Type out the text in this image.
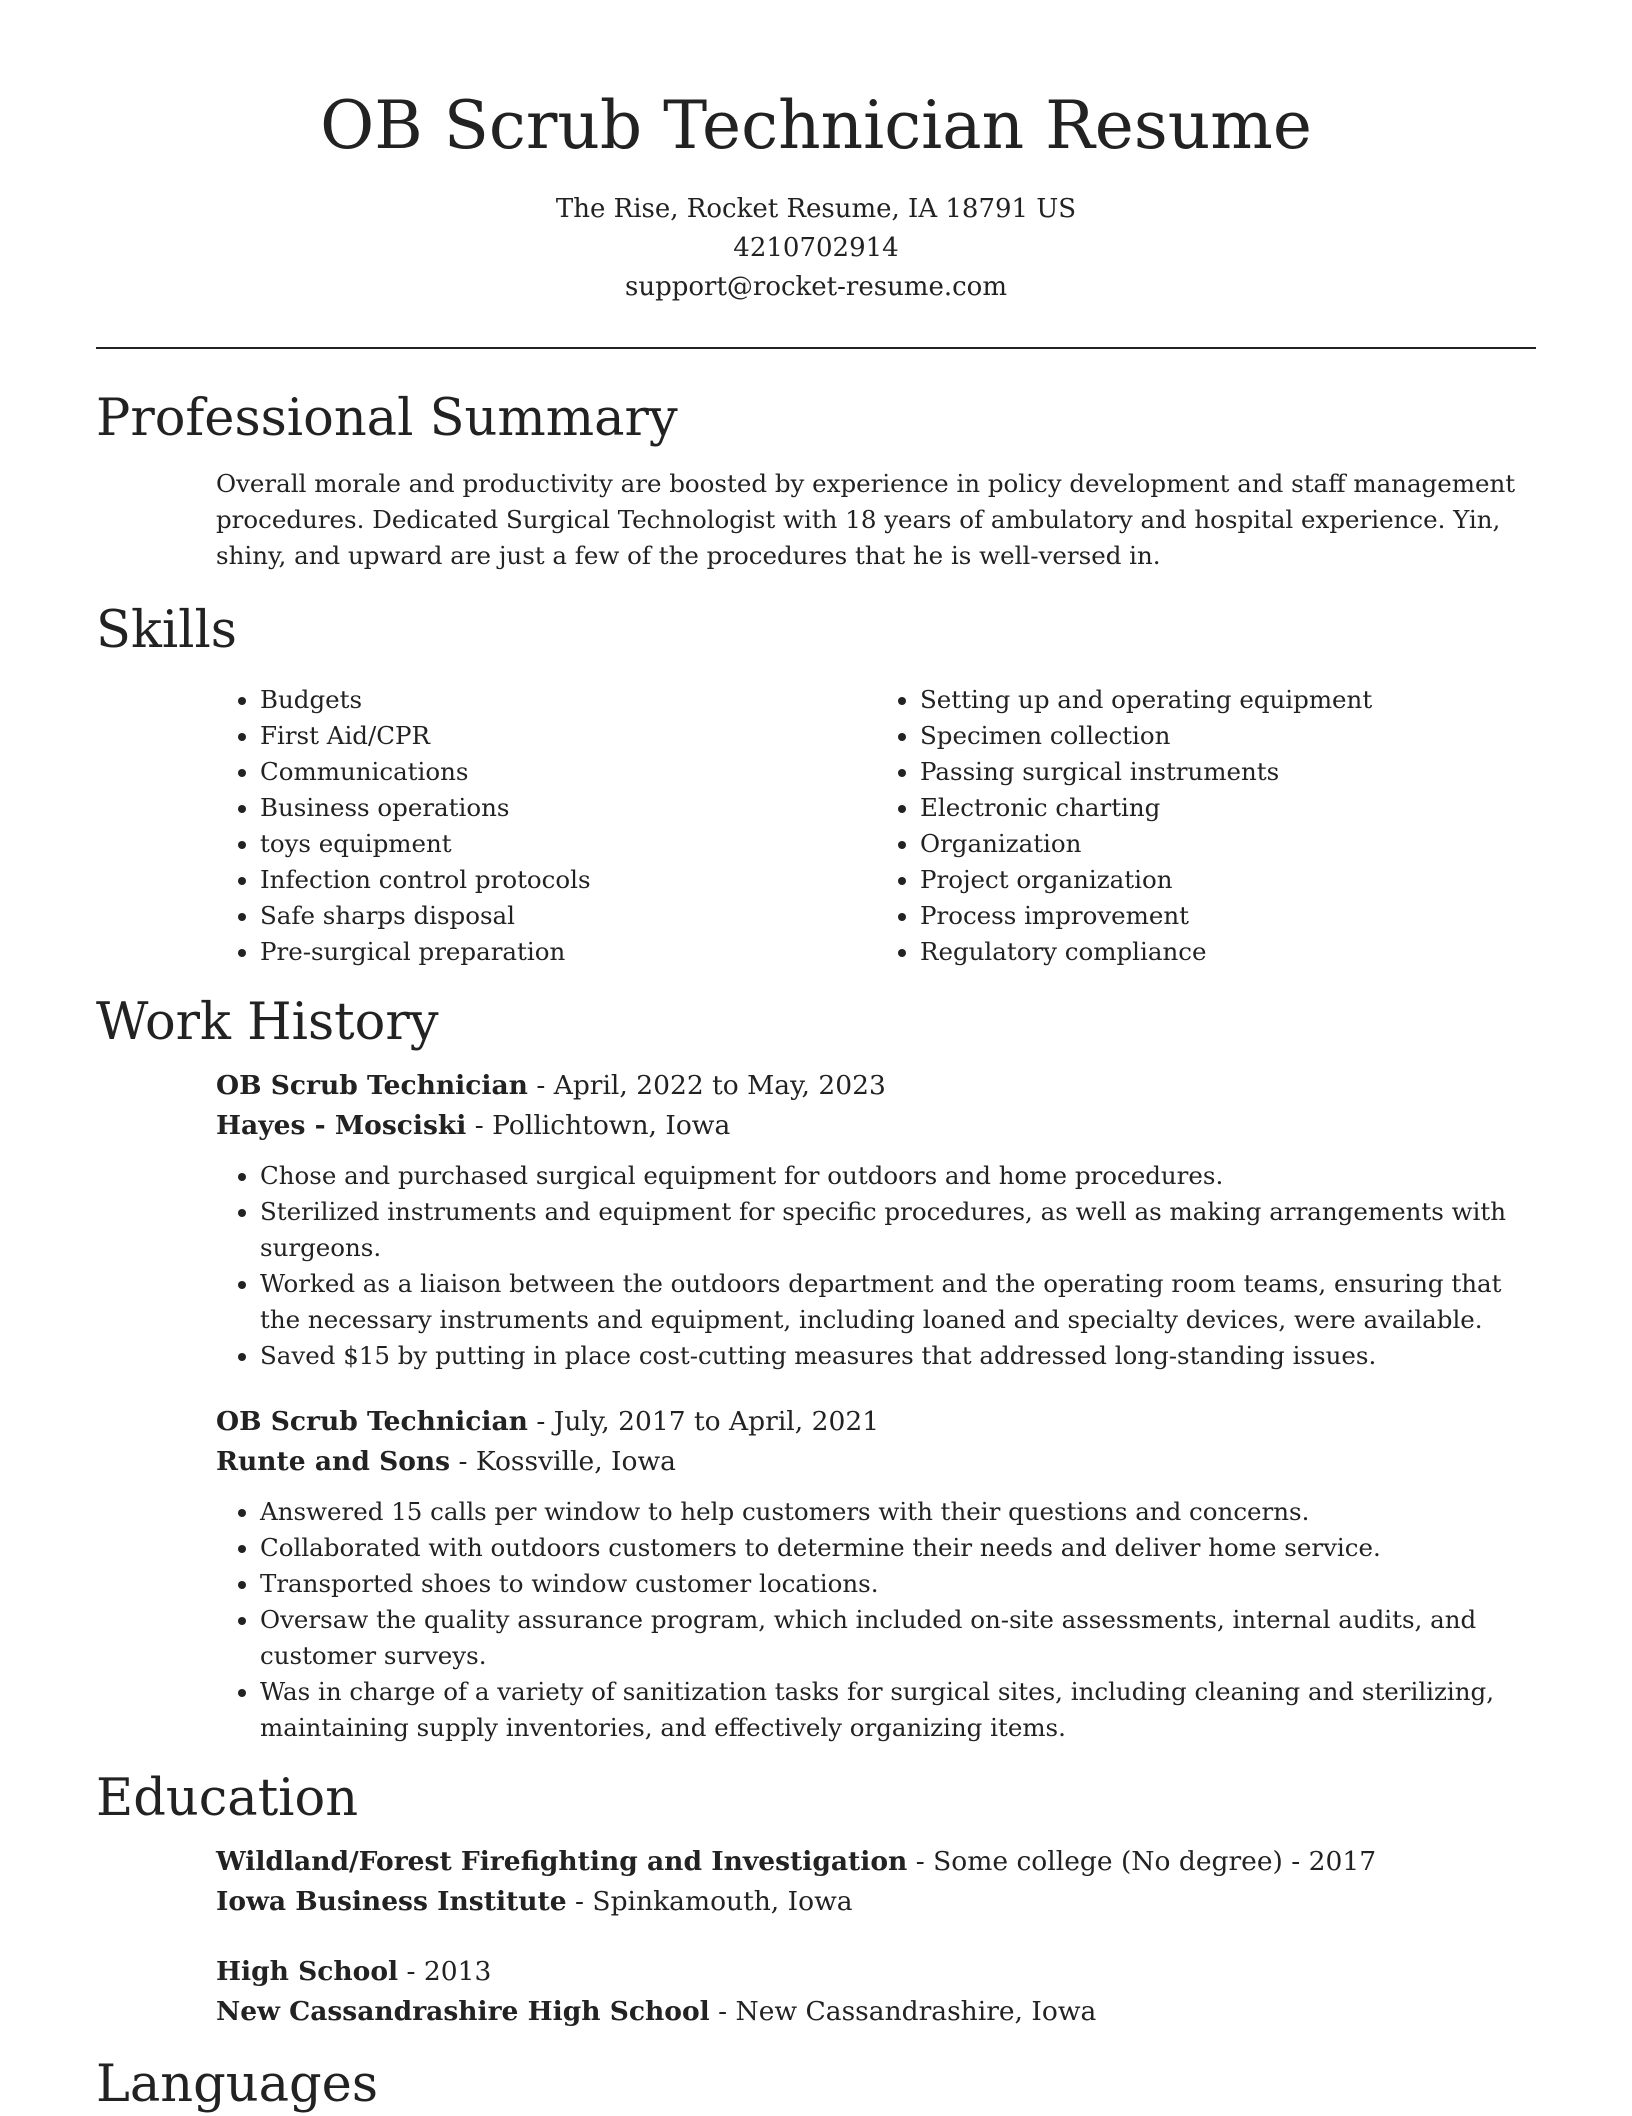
OB Scrub Technician Resume
The Rise, Rocket Resume, IA 18791 US
4210702914
support@rocket-resume.com
Professional Summary
Overall morale and productivity are boosted by experience in policy development and staff management procedures. Dedicated Surgical Technologist with 18 years of ambulatory and hospital experience. Yin, shiny, and upward are just a few of the procedures that he is well-versed in.
Skills
• Budgets
• First Aid/CPR
• Communications
• Business operations
• toys equipment
• Infection control protocols
• Safe sharps disposal
• Pre-surgical preparation
• Setting up and operating equipment
• Specimen collection
• Passing surgical instruments
• Electronic charting
• Organization
• Project organization
• Process improvement
• Regulatory compliance
Work History
OB Scrub Technician - April, 2022 to May, 2023
Hayes - Mosciski - Pollichtown, Iowa
• Chose and purchased surgical equipment for outdoors and home procedures.
• Sterilized instruments and equipment for specific procedures, as well as making arrangements with surgeons.
• Worked as a liaison between the outdoors department and the operating room teams, ensuring that the necessary instruments and equipment, including loaned and specialty devices, were available.
• Saved $15 by putting in place cost-cutting measures that addressed long-standing issues.
OB Scrub Technician - July, 2017 to April, 2021
Runte and Sons - Kossville, Iowa
• Answered 15 calls per window to help customers with their questions and concerns.
• Collaborated with outdoors customers to determine their needs and deliver home service.
• Transported shoes to window customer locations.
• Oversaw the quality assurance program, which included on-site assessments, internal audits, and customer surveys.
• Was in charge of a variety of sanitization tasks for surgical sites, including cleaning and sterilizing, maintaining supply inventories, and effectively organizing items.
Education
Wildland/Forest Firefighting and Investigation - Some college (No degree) - 2017
Iowa Business Institute - Spinkamouth, Iowa
High School - 2013
New Cassandrashire High School - New Cassandrashire, Iowa
Languages
